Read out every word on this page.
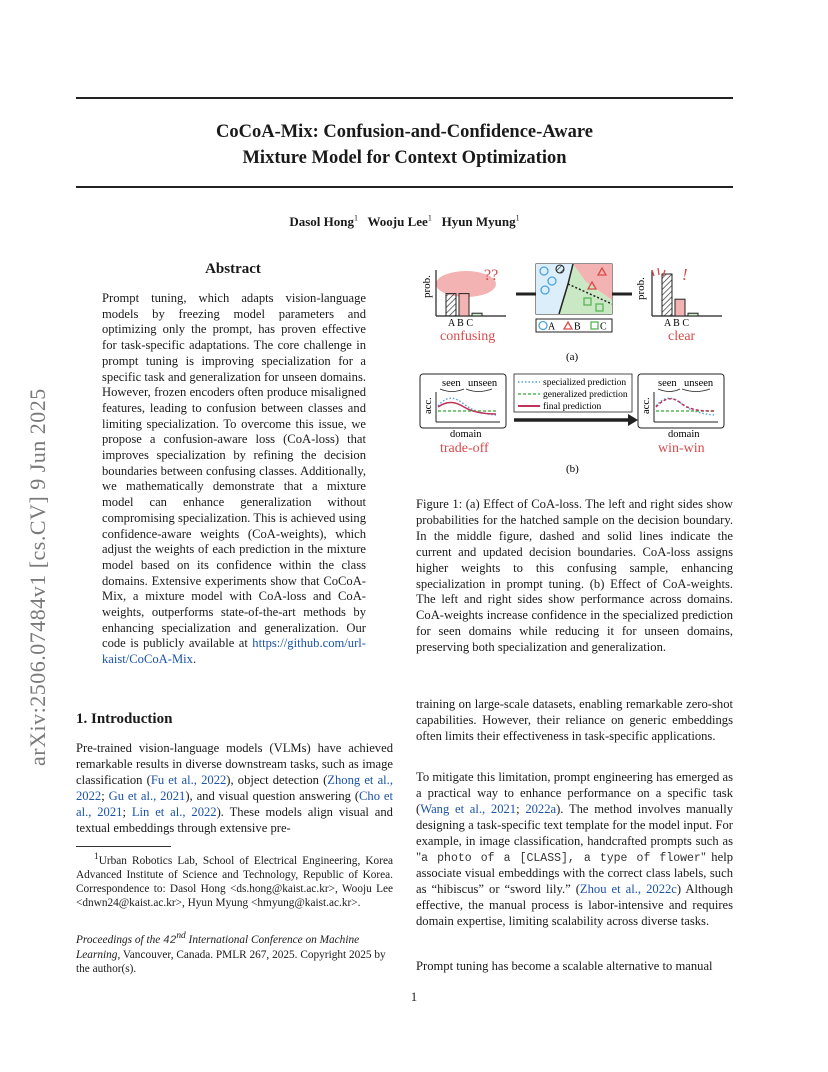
CoCoA-Mix: Confusion-and-Confidence-Aware
Mixture Model for Context Optimization
Dasol Hong$^1$ Wooju Lee$^1$ Hyun Myung$^1$
arXiv:2506.07484v1 [cs.CV] 9 Jun 2025
Abstract
Prompt tuning, which adapts vision-language models by freezing model parameters and optimizing only the prompt, has proven effective for task-specific adaptations. The core challenge in prompt tuning is improving specialization for a specific task and generalization for unseen domains. However, frozen encoders often produce misaligned features, leading to confusion between classes and limiting specialization. To overcome this issue, we propose a confusion-aware loss (CoA-loss) that improves specialization by refining the decision boundaries between confusing classes. Additionally, we mathematically demonstrate that a mixture model can enhance generalization without compromising specialization. This is achieved using confidence-aware weights (CoA-weights), which adjust the weights of each prediction in the mixture model based on its confidence within the class domains. Extensive experiments show that CoCoA-Mix, a mixture model with CoA-loss and CoA-weights, outperforms state-of-the-art methods by enhancing specialization and generalization. Our code is publicly available at https://github.com/url-kaist/CoCoA-Mix.
1. Introduction
Pre-trained vision-language models (VLMs) have achieved remarkable results in diverse downstream tasks, such as image classification (Fu et al., 2022), object detection (Zhong et al., 2022; Gu et al., 2021), and visual question answering (Cho et al., 2021; Lin et al., 2022). These models align visual and textual embeddings through extensive pre-
$^1$Urban Robotics Lab, School of Electrical Engineering, Korea Advanced Institute of Science and Technology, Republic of Korea. Correspondence to: Dasol Hong <ds.hong@kaist.ac.kr>, Wooju Lee <dnwn24@kaist.ac.kr>, Hyun Myung <hmyung@kaist.ac.kr>.
Proceedings of the 42nd International Conference on Machine Learning, Vancouver, Canada. PMLR 267, 2025. Copyright 2025 by the author(s).
training on large-scale datasets, enabling remarkable zero-shot capabilities. However, their reliance on generic embeddings often limits their effectiveness in task-specific applications.
To mitigate this limitation, prompt engineering has emerged as a practical way to enhance performance on a specific task (Wang et al., 2021; 2022a). The method involves manually designing a task-specific text template for the model input. For example, in image classification, handcrafted prompts such as "a photo of a [CLASS], a type of flower" help associate visual embeddings with the correct class labels, such as “hibiscus” or “sword lily.” (Zhou et al., 2022c) Although effective, the manual process is labor-intensive and requires domain expertise, limiting scalability across diverse tasks.
Prompt tuning has become a scalable alternative to manual
prob.
A B C
confusing
??
A B C
prob.
A B C
clear
!
(a)
seen unseen
acc.
domain
trade-off
specialized prediction
generalized prediction
final prediction
seen unseen
acc.
domain
win-win
(b)
Figure 1: (a) Effect of CoA-loss. The left and right sides show probabilities for the hatched sample on the decision boundary. In the middle figure, dashed and solid lines indicate the current and updated decision boundaries. CoA-loss assigns higher weights to this confusing sample, enhancing specialization in prompt tuning. (b) Effect of CoA-weights. The left and right sides show performance across domains. CoA-weights increase confidence in the specialized prediction for seen domains while reducing it for unseen domains, preserving both specialization and generalization.
1
